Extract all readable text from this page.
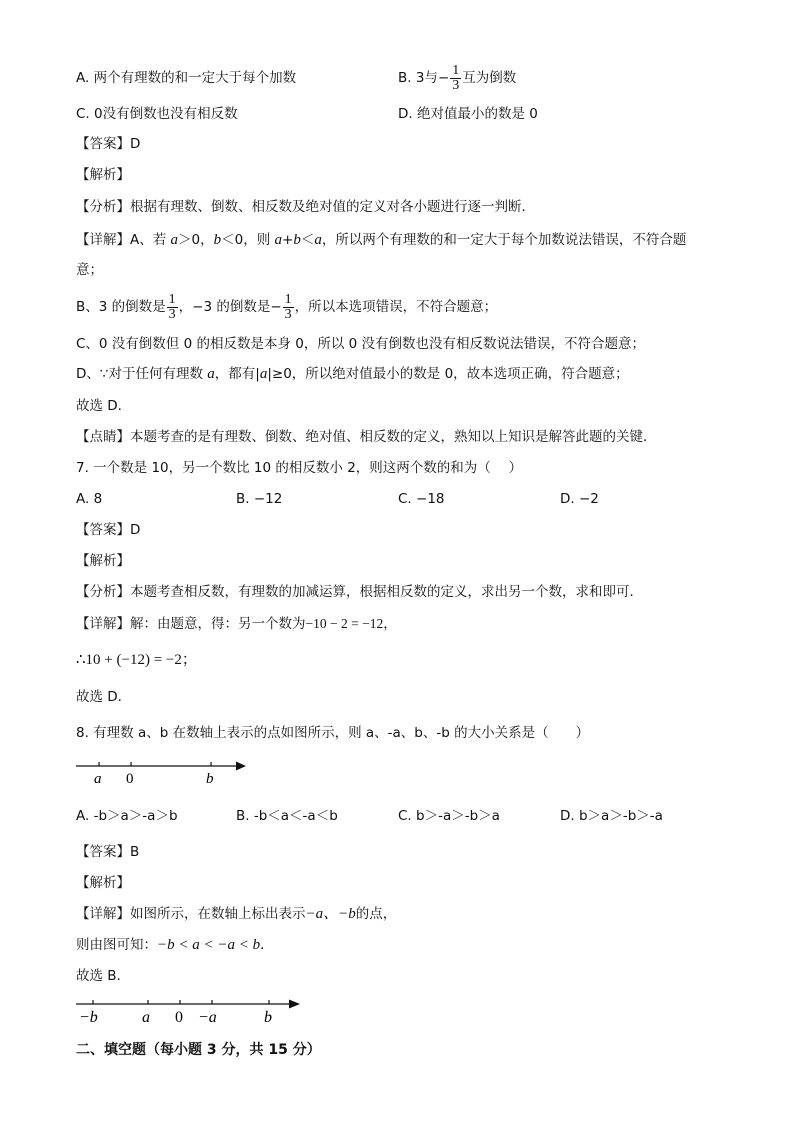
A. 两个有理数的和一定大于每个加数	B. 3与− $\frac{1}{3}$ 互为倒数
C. 0没有倒数也没有相反数	D. 绝对值最小的数是 0
【答案】D
【解析】
【分析】根据有理数、倒数、相反数及绝对值的定义对各小题进行逐一判断．
【详解】A、若 a＞0，b＜0，则 a+b＜a，所以两个有理数的和一定大于每个加数说法错误，不符合题
意；
B、3 的倒数是 $\frac{1}{3}$ ，−3 的倒数是− $\frac{1}{3}$ ，所以本选项错误，不符合题意；
C、0 没有倒数但 0 的相反数是本身 0，所以 0 没有倒数也没有相反数说法错误，不符合题意；
D、∵对于任何有理数 a，都有|a|≥0，所以绝对值最小的数是 0，故本选项正确，符合题意；
故选 D．
【点睛】本题考查的是有理数、倒数、绝对值、相反数的定义，熟知以上知识是解答此题的关键．
7. 一个数是 10，另一个数比 10 的相反数小 2，则这两个数的和为（　 ）
A. 8	B. −12	C. −18	D. −2
【答案】D
【解析】
【分析】本题考查相反数，有理数的加减运算，根据相反数的定义，求出另一个数，求和即可．
【详解】解：由题意，得：另一个数为−10 − 2 = −12，
∴10 + (−12) = −2；
故选 D．
8. 有理数 a、b 在数轴上表示的点如图所示，则 a、-a、b、-b 的大小关系是（　　）
a 0	b
A. -b＞a＞-a＞b	B. -b＜a＜-a＜b	C. b＞-a＞-b＞a	D. b＞a＞-b＞-a
【答案】B
【解析】
【详解】如图所示，在数轴上标出表示−a、−b的点，
则由图可知：−b < a < −a < b．
故选 B.
−b	a 0 −a	b
二、填空题（每小题 3 分，共 15 分）
